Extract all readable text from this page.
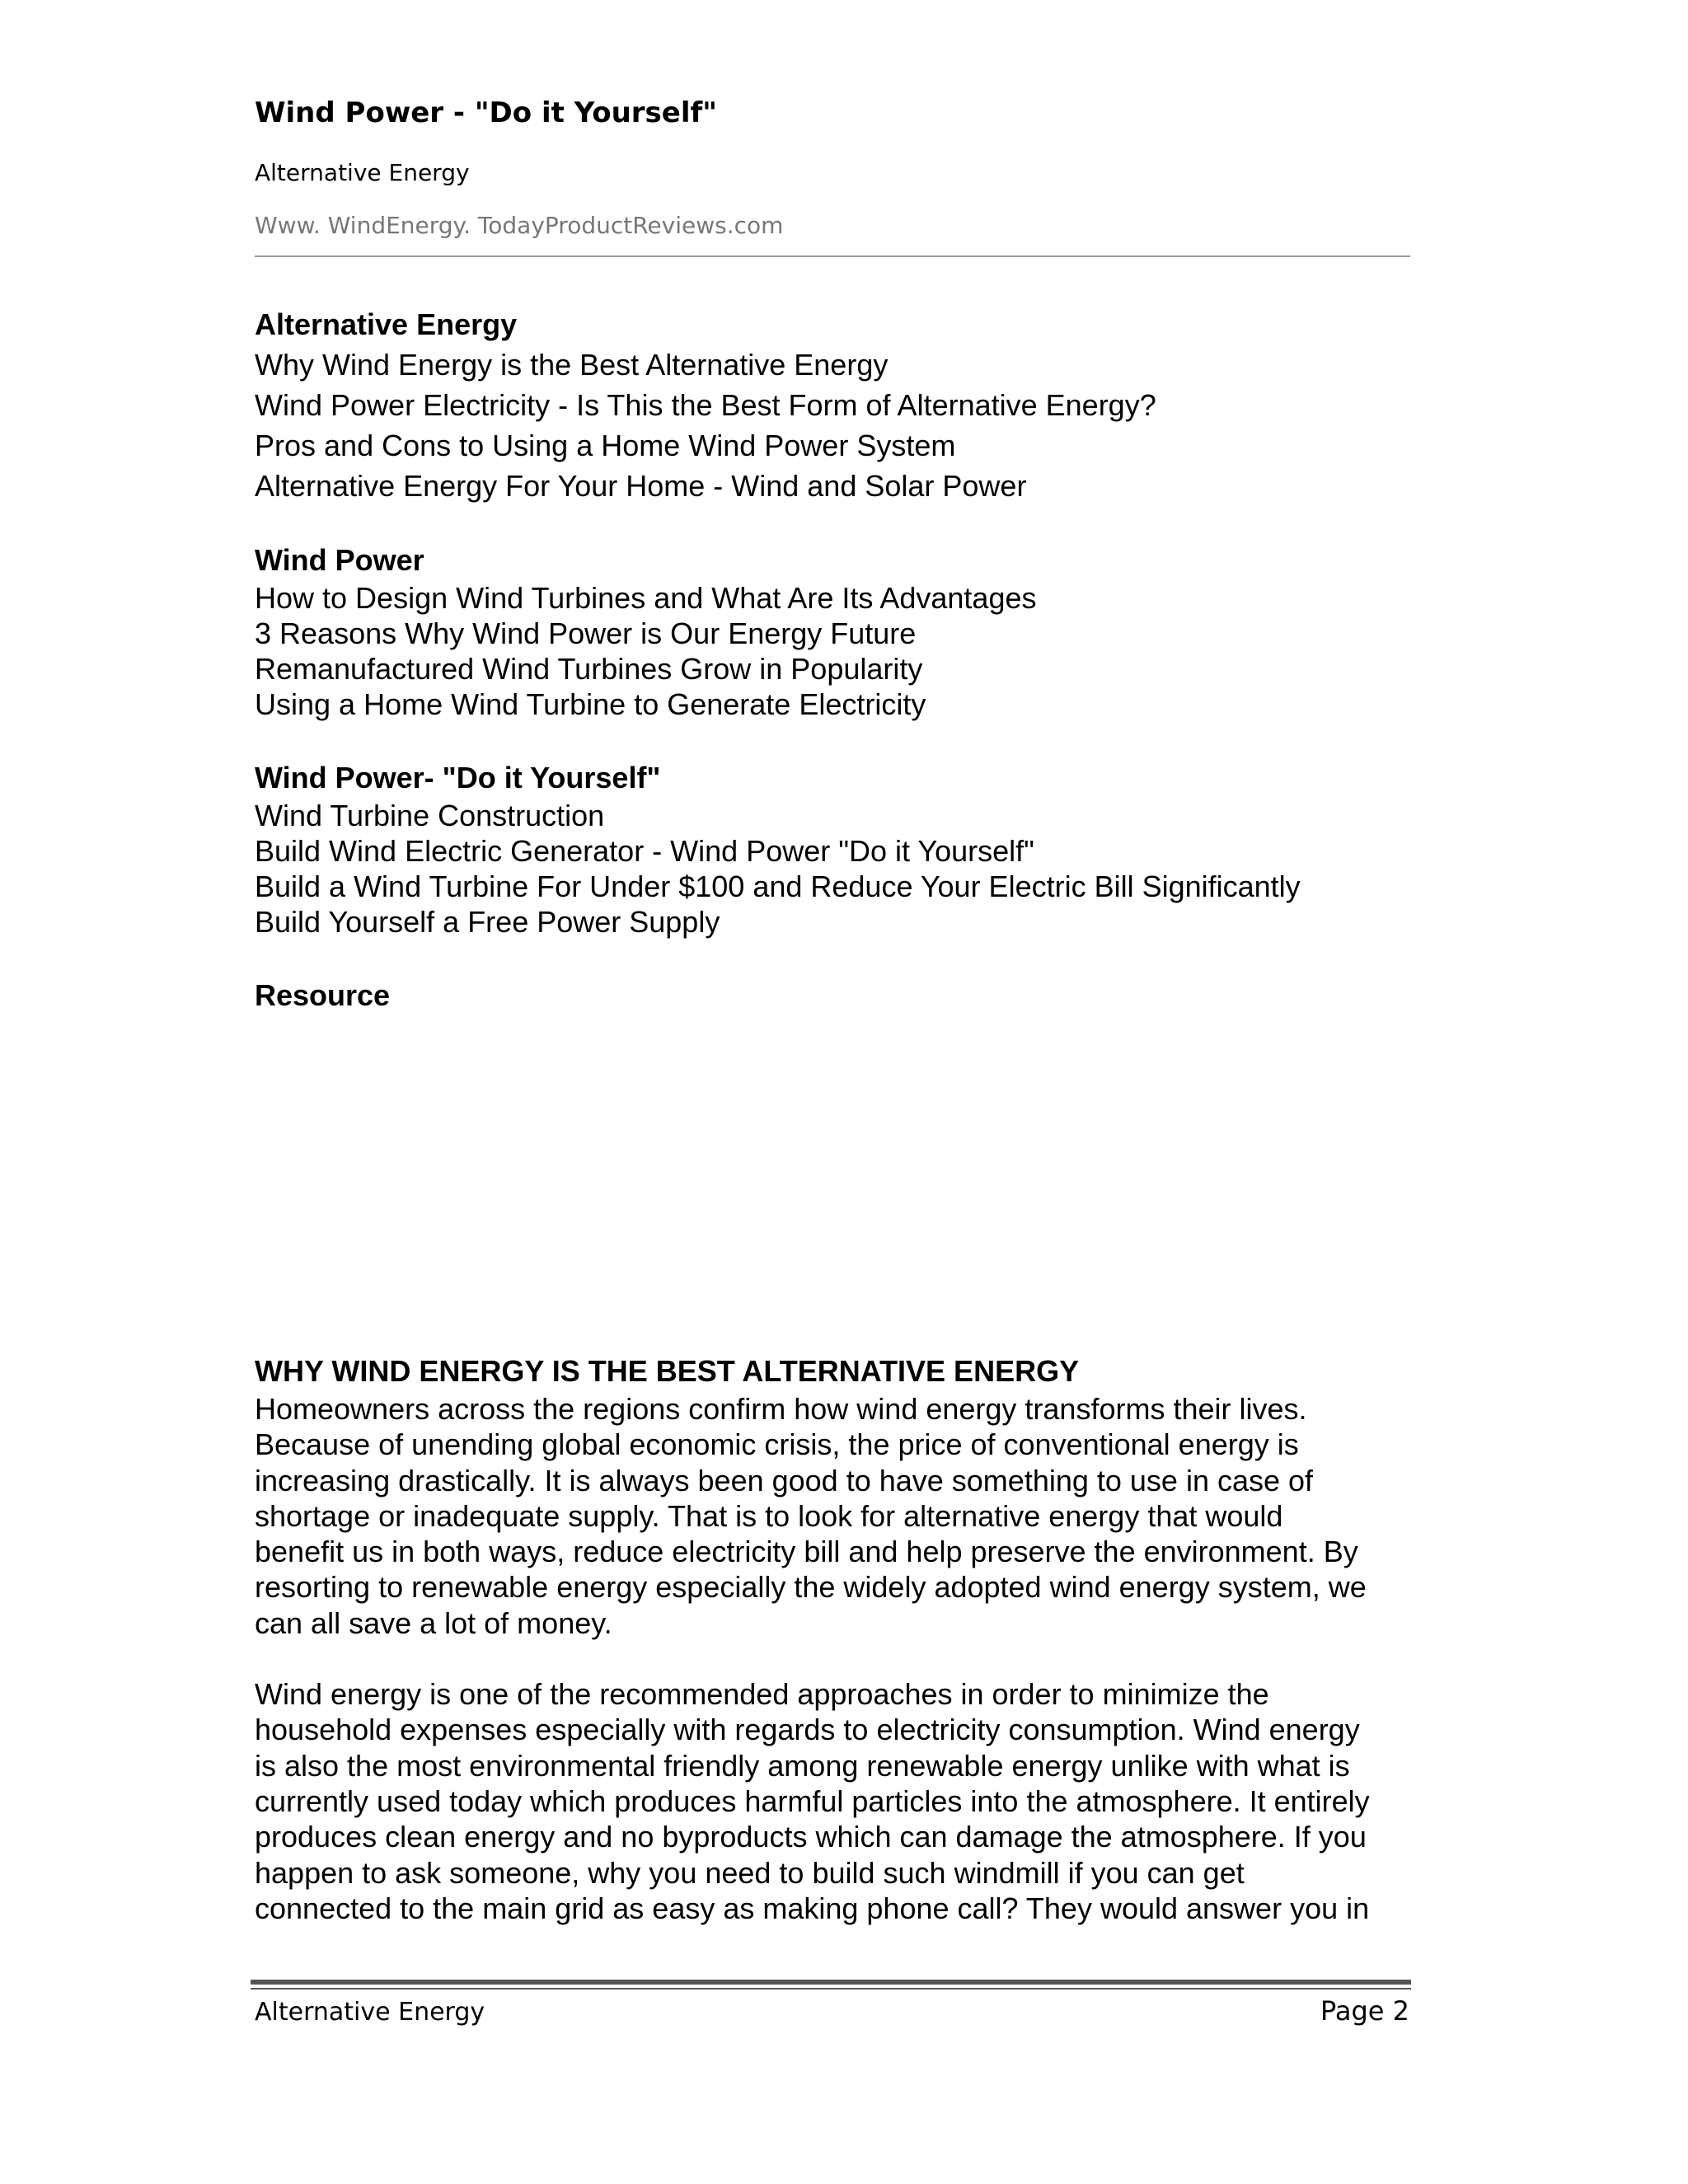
Wind Power - "Do it Yourself"
Alternative Energy
Www. WindEnergy. TodayProductReviews.com
Alternative Energy
Why Wind Energy is the Best Alternative Energy
Wind Power Electricity - Is This the Best Form of Alternative Energy?
Pros and Cons to Using a Home Wind Power System
Alternative Energy For Your Home - Wind and Solar Power
Wind Power
How to Design Wind Turbines and What Are Its Advantages
3 Reasons Why Wind Power is Our Energy Future
Remanufactured Wind Turbines Grow in Popularity
Using a Home Wind Turbine to Generate Electricity
Wind Power- "Do it Yourself"
Wind Turbine Construction
Build Wind Electric Generator - Wind Power "Do it Yourself"
Build a Wind Turbine For Under $100 and Reduce Your Electric Bill Significantly
Build Yourself a Free Power Supply
Resource
WHY WIND ENERGY IS THE BEST ALTERNATIVE ENERGY

Homeowners across the regions confirm how wind energy transforms their lives.

Because of unending global economic crisis, the price of conventional energy is

increasing drastically. It is always been good to have something to use in case of

shortage or inadequate supply. That is to look for alternative energy that would

benefit us in both ways, reduce electricity bill and help preserve the environment. By

resorting to renewable energy especially the widely adopted wind energy system, we

can all save a lot of money.

Wind energy is one of the recommended approaches in order to minimize the

household expenses especially with regards to electricity consumption. Wind energy

is also the most environmental friendly among renewable energy unlike with what is

currently used today which produces harmful particles into the atmosphere. It entirely

produces clean energy and no byproducts which can damage the atmosphere. If you

happen to ask someone, why you need to build such windmill if you can get

connected to the main grid as easy as making phone call? They would answer you in

Alternative Energy	Page 2
